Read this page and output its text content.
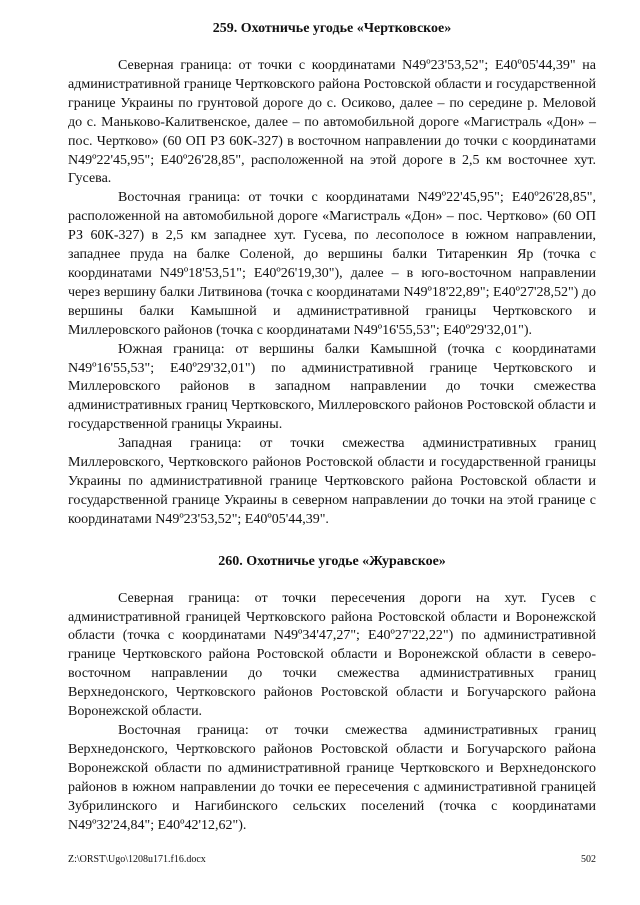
259. Охотничье угодье «Чертковское»

Северная граница: от точки с координатами N49º23'53,52"; E40º05'44,39" на административной границе Чертковского района Ростовской области и государственной границе Украины по грунтовой дороге до с. Осиково, далее – по середине р. Меловой до с. Маньково-Калитвенское, далее – по автомобильной дороге «Магистраль «Дон» – пос. Чертково» (60 ОП РЗ 60К-327) в восточном направлении до точки с координатами N49º22'45,95"; E40º26'28,85", расположенной на этой дороге в 2,5 км восточнее хут. Гусева.

Восточная граница: от точки с координатами N49º22'45,95"; E40º26'28,85", расположенной на автомобильной дороге «Магистраль «Дон» – пос. Чертково» (60 ОП РЗ 60К-327) в 2,5 км западнее хут. Гусева, по лесополосе в южном направлении, западнее пруда на балке Соленой, до вершины балки Титаренкин Яр (точка с координатами N49º18'53,51"; E40º26'19,30"), далее – в юго-восточном направлении через вершину балки Литвинова (точка с координатами N49º18'22,89"; E40º27'28,52") до вершины балки Камышной и административной границы Чертковского и Миллеровского районов (точка с координатами N49º16'55,53"; E40º29'32,01").

Южная граница: от вершины балки Камышной (точка с координатами N49º16'55,53"; E40º29'32,01") по административной границе Чертковского и Миллеровского районов в западном направлении до точки смежества административных границ Чертковского, Миллеровского районов Ростовской области и государственной границы Украины.

Западная граница: от точки смежества административных границ Миллеровского, Чертковского районов Ростовской области и государственной границы Украины по административной границе Чертковского района Ростовской области и государственной границе Украины в северном направлении до точки на этой границе с координатами N49º23'53,52"; E40º05'44,39".

260. Охотничье угодье «Журавское»

Северная граница: от точки пересечения дороги на хут. Гусев с административной границей Чертковского района Ростовской области и Воронежской области (точка с координатами N49º34'47,27"; E40º27'22,22") по административной границе Чертковского района Ростовской области и Воронежской области в северо-восточном направлении до точки смежества административных границ Верхнедонского, Чертковского районов Ростовской области и Богучарского района Воронежской области.

Восточная граница: от точки смежества административных границ Верхнедонского, Чертковского районов Ростовской области и Богучарского района Воронежской области по административной границе Чертковского и Верхнедонского районов в южном направлении до точки ее пересечения с административной границей Зубрилинского и Нагибинского сельских поселений (точка с координатами N49º32'24,84"; E40º42'12,62").

Z:\ORST\Ugo\1208u171.f16.docx	502
